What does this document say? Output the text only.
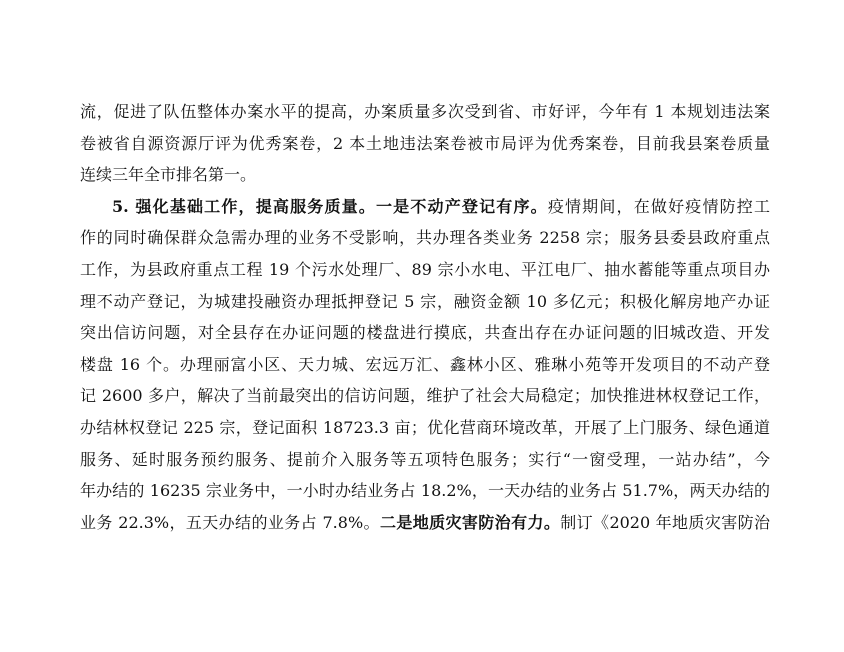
流，促进了队伍整体办案水平的提高，办案质量多次受到省、市好评，今年有 1 本规划违法案
卷被省自源资源厅评为优秀案卷，2 本土地违法案卷被市局评为优秀案卷，目前我县案卷质量
连续三年全市排名第一。
5. 强化基础工作，提高服务质量。一是不动产登记有序。疫情期间，在做好疫情防控工
作的同时确保群众急需办理的业务不受影响，共办理各类业务 2258 宗；服务县委县政府重点
工作，为县政府重点工程 19 个污水处理厂、89 宗小水电、平江电厂、抽水蓄能等重点项目办
理不动产登记，为城建投融资办理抵押登记 5 宗，融资金额 10 多亿元；积极化解房地产办证
突出信访问题，对全县存在办证问题的楼盘进行摸底，共查出存在办证问题的旧城改造、开发
楼盘 16 个。办理丽富小区、天力城、宏远万汇、鑫林小区、雅琳小苑等开发项目的不动产登
记 2600 多户，解决了当前最突出的信访问题，维护了社会大局稳定；加快推进林权登记工作，
办结林权登记 225 宗，登记面积 18723.3 亩；优化营商环境改革，开展了上门服务、绿色通道
服务、延时服务预约服务、提前介入服务等五项特色服务；实行“一窗受理，一站办结”，今
年办结的 16235 宗业务中，一小时办结业务占 18.2%，一天办结的业务占 51.7%，两天办结的
业务 22.3%，五天办结的业务占 7.8%。二是地质灾害防治有力。制订《2020 年地质灾害防治
